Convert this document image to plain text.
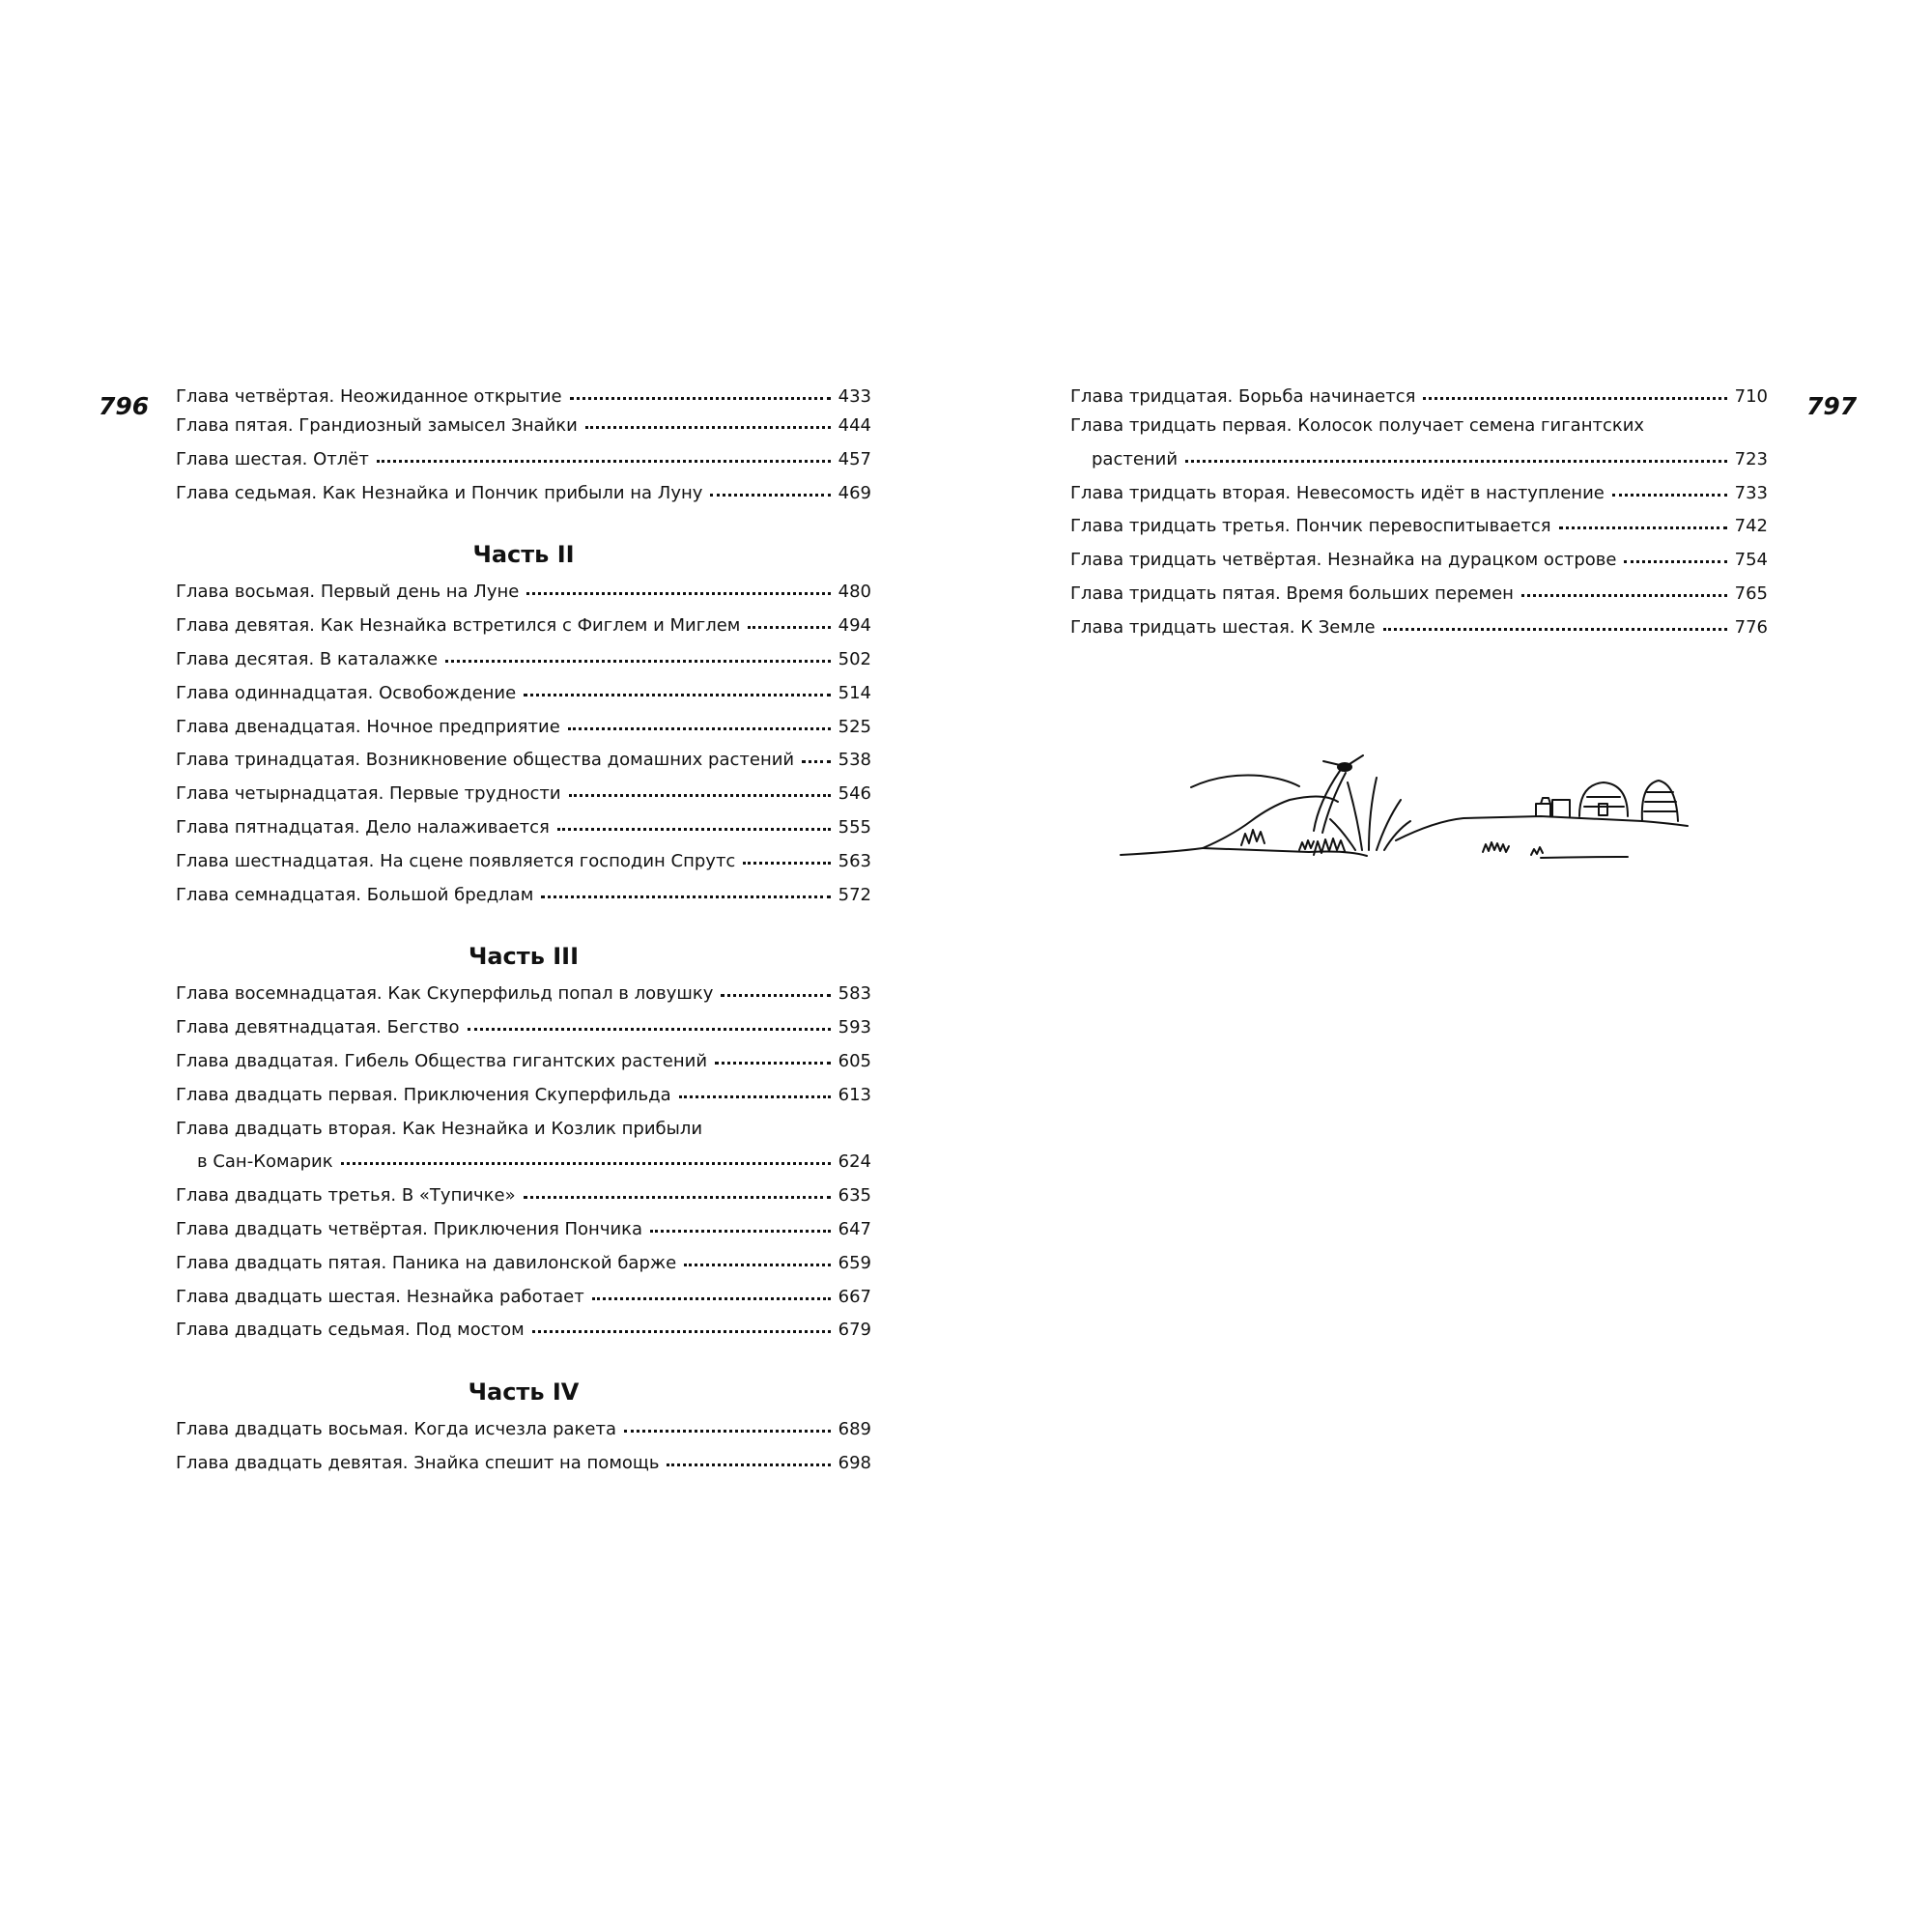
796	797
Глава четвёртая. Неожиданное открытие	433
Глава пятая. Грандиозный замысел Знайки	444
Глава шестая. Отлёт	457
Глава седьмая. Как Незнайка и Пончик прибыли на Луну	469
Часть II
Глава восьмая. Первый день на Луне	480
Глава девятая. Как Незнайка встретился с Фиглем и Миглем	494
Глава десятая. В каталажке	502
Глава одиннадцатая. Освобождение	514
Глава двенадцатая. Ночное предприятие	525
Глава тринадцатая. Возникновение общества домашних растений	538
Глава четырнадцатая. Первые трудности	546
Глава пятнадцатая. Дело налаживается	555
Глава шестнадцатая. На сцене появляется господин Спрутс	563
Глава семнадцатая. Большой бредлам	572
Часть III
Глава восемнадцатая. Как Скуперфильд попал в ловушку	583
Глава девятнадцатая. Бегство	593
Глава двадцатая. Гибель Общества гигантских растений	605
Глава двадцать первая. Приключения Скуперфильда	613
Глава двадцать вторая. Как Незнайка и Козлик прибыли
в Сан-Комарик	624
Глава двадцать третья. В «Тупичке»	635
Глава двадцать четвёртая. Приключения Пончика	647
Глава двадцать пятая. Паника на давилонской барже	659
Глава двадцать шестая. Незнайка работает	667
Глава двадцать седьмая. Под мостом	679
Часть IV
Глава двадцать восьмая. Когда исчезла ракета	689
Глава двадцать девятая. Знайка спешит на помощь	698
Глава тридцатая. Борьба начинается	710
Глава тридцать первая. Колосок получает семена гигантских
растений	723
Глава тридцать вторая. Невесомость идёт в наступление	733
Глава тридцать третья. Пончик перевоспитывается	742
Глава тридцать четвёртая. Незнайка на дурацком острове	754
Глава тридцать пятая. Время больших перемен	765
Глава тридцать шестая. К Земле	776
